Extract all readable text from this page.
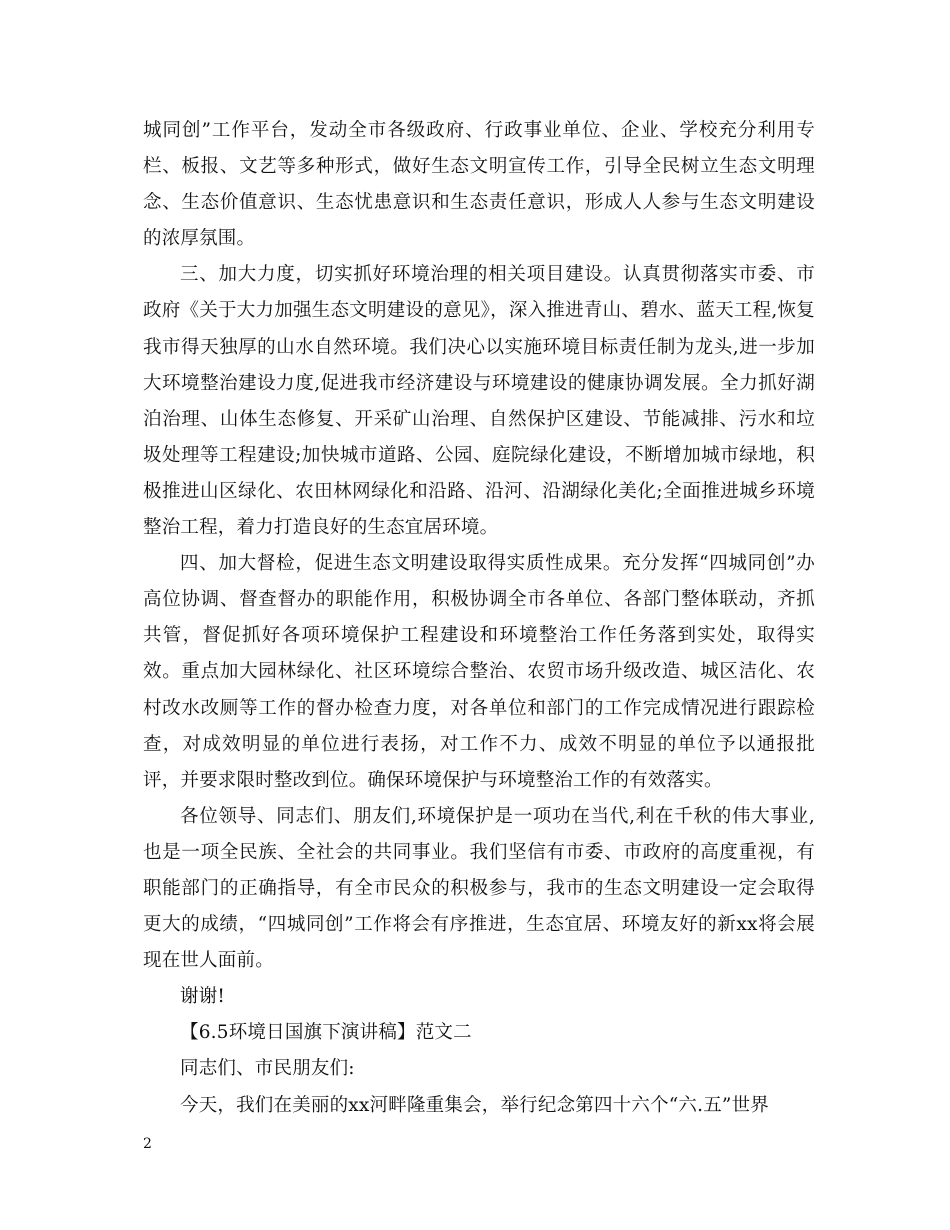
城同创”工作平台，发动全市各级政府、行政事业单位、企业、学校充分利用专栏、板报、文艺等多种形式，做好生态文明宣传工作，引导全民树立生态文明理念、生态价值意识、生态忧患意识和生态责任意识，形成人人参与生态文明建设的浓厚氛围。

三、加大力度，切实抓好环境治理的相关项目建设。认真贯彻落实市委、市政府《关于大力加强生态文明建设的意见》，深入推进青山、碧水、蓝天工程,恢复我市得天独厚的山水自然环境。我们决心以实施环境目标责任制为龙头,进一步加大环境整治建设力度,促进我市经济建设与环境建设的健康协调发展。全力抓好湖泊治理、山体生态修复、开采矿山治理、自然保护区建设、节能减排、污水和垃圾处理等工程建设;加快城市道路、公园、庭院绿化建设，不断增加城市绿地，积极推进山区绿化、农田林网绿化和沿路、沿河、沿湖绿化美化;全面推进城乡环境整治工程，着力打造良好的生态宜居环境。

四、加大督检，促进生态文明建设取得实质性成果。充分发挥“四城同创”办高位协调、督查督办的职能作用，积极协调全市各单位、各部门整体联动，齐抓共管，督促抓好各项环境保护工程建设和环境整治工作任务落到实处，取得实效。重点加大园林绿化、社区环境综合整治、农贸市场升级改造、城区洁化、农村改水改厕等工作的督办检查力度，对各单位和部门的工作完成情况进行跟踪检查，对成效明显的单位进行表扬，对工作不力、成效不明显的单位予以通报批评，并要求限时整改到位。确保环境保护与环境整治工作的有效落实。

各位领导、同志们、朋友们,环境保护是一项功在当代,利在千秋的伟大事业,也是一项全民族、全社会的共同事业。我们坚信有市委、市政府的高度重视，有职能部门的正确指导，有全市民众的积极参与，我市的生态文明建设一定会取得更大的成绩，“四城同创”工作将会有序推进，生态宜居、环境友好的新xx将会展现在世人面前。

谢谢!

【6.5环境日国旗下演讲稿】范文二

同志们、市民朋友们:

今天，我们在美丽的xx河畔隆重集会，举行纪念第四十六个“六.五”世界

2
